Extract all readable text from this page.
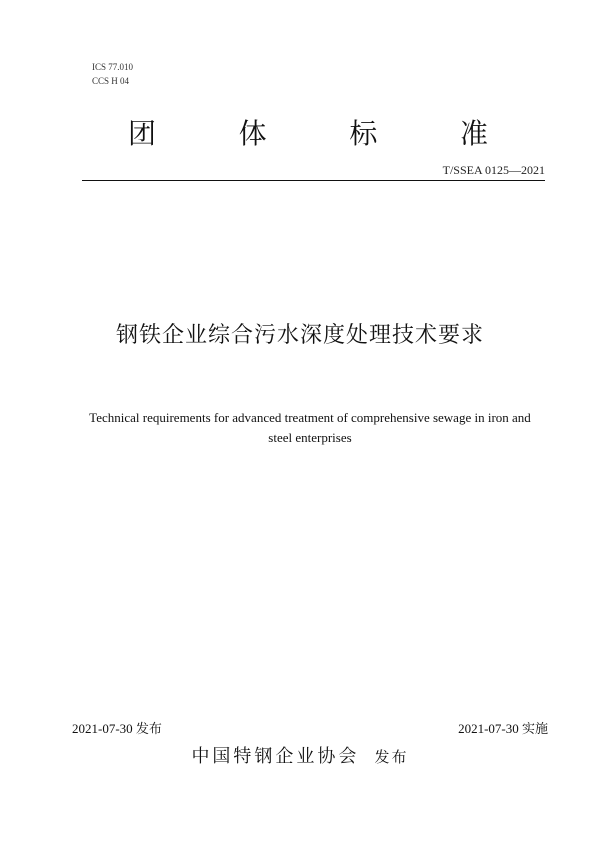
ICS 77.010
CCS H 04
团	体	标	准
T/SSEA 0125—2021
钢铁企业综合污水深度处理技术要求
Technical requirements for advanced treatment of comprehensive sewage in iron and
steel enterprises
2021-07-30 发布	2021-07-30 实施
中国特钢企业协会 发布
